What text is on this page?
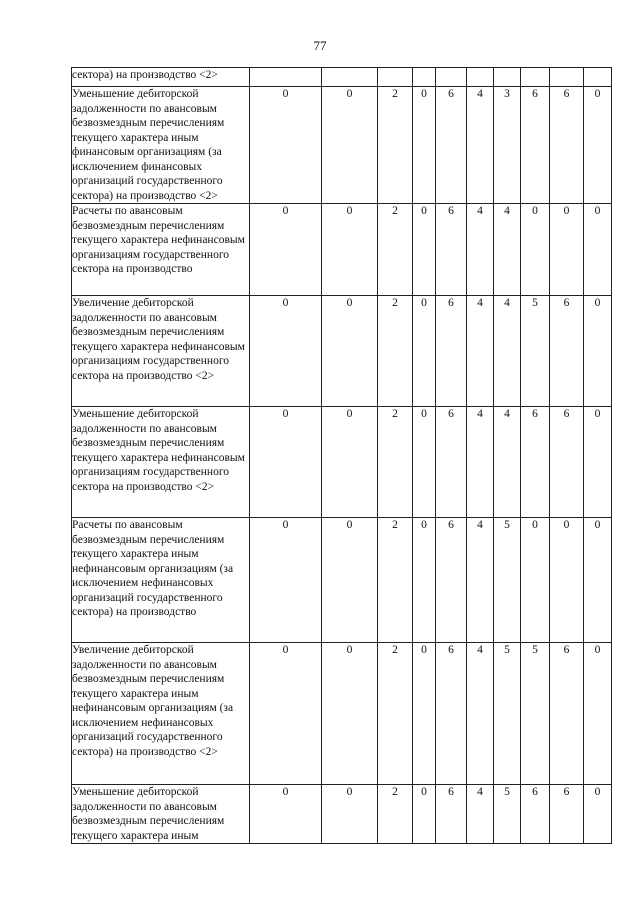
77
сектора) на производство <2>										
Уменьшение дебиторской задолженности по авансовым безвозмездным перечислениям текущего характера иным финансовым организациям (за исключением финансовых организаций государственного сектора) на производство <2>	0	0	2	0	6	4	3	6	6	0
Расчеты по авансовым безвозмездным перечислениям текущего характера нефинансовым организациям государственного сектора на производство	0	0	2	0	6	4	4	0	0	0
Увеличение дебиторской задолженности по авансовым безвозмездным перечислениям текущего характера нефинансовым организациям государственного сектора на производство <2>	0	0	2	0	6	4	4	5	6	0
Уменьшение дебиторской задолженности по авансовым безвозмездным перечислениям текущего характера нефинансовым организациям государственного сектора на производство <2>	0	0	2	0	6	4	4	6	6	0
Расчеты по авансовым безвозмездным перечислениям текущего характера иным нефинансовым организациям (за исключением нефинансовых организаций государственного сектора) на производство	0	0	2	0	6	4	5	0	0	0
Увеличение дебиторской задолженности по авансовым безвозмездным перечислениям текущего характера иным нефинансовым организациям (за исключением нефинансовых организаций государственного сектора) на производство <2>	0	0	2	0	6	4	5	5	6	0
Уменьшение дебиторской задолженности по авансовым безвозмездным перечислениям текущего характера иным	0	0	2	0	6	4	5	6	6	0
